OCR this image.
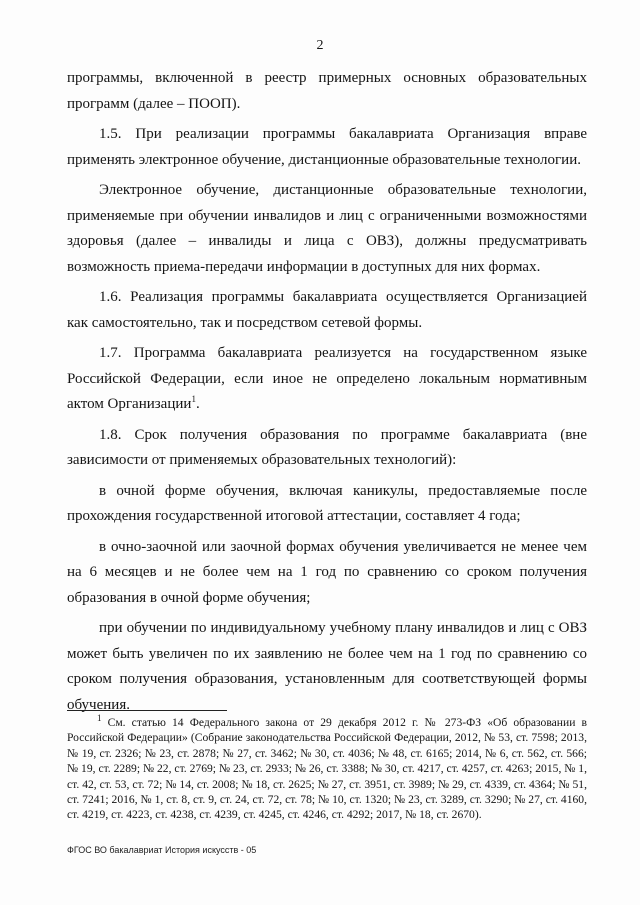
2

программы, включенной в реестр примерных основных образовательных программ (далее – ПООП).

1.5. При реализации программы бакалавриата Организация вправе применять электронное обучение, дистанционные образовательные технологии.

Электронное обучение, дистанционные образовательные технологии, применяемые при обучении инвалидов и лиц с ограниченными возможностями здоровья (далее – инвалиды и лица с ОВЗ), должны предусматривать возможность приема-передачи информации в доступных для них формах.

1.6. Реализация программы бакалавриата осуществляется Организацией как самостоятельно, так и посредством сетевой формы.

1.7. Программа бакалавриата реализуется на государственном языке Российской Федерации, если иное не определено локальным нормативным актом Организации$^1$.

1.8. Срок получения образования по программе бакалавриата (вне зависимости от применяемых образовательных технологий):

в очной форме обучения, включая каникулы, предоставляемые после прохождения государственной итоговой аттестации, составляет 4 года;

в очно-заочной или заочной формах обучения увеличивается не менее чем на 6 месяцев и не более чем на 1 год по сравнению со сроком получения образования в очной форме обучения;

при обучении по индивидуальному учебному плану инвалидов и лиц с ОВЗ может быть увеличен по их заявлению не более чем на 1 год по сравнению со сроком получения образования, установленным для соответствующей формы обучения.

$^1$ См. статью 14 Федерального закона от 29 декабря 2012 г. № 273-ФЗ «Об образовании в Российской Федерации» (Собрание законодательства Российской Федерации, 2012, № 53, ст. 7598; 2013, № 19, ст. 2326; № 23, ст. 2878; № 27, ст. 3462; № 30, ст. 4036; № 48, ст. 6165; 2014, № 6, ст. 562, ст. 566; № 19, ст. 2289; № 22, ст. 2769; № 23, ст. 2933; № 26, ст. 3388; № 30, ст. 4217, ст. 4257, ст. 4263; 2015, № 1, ст. 42, ст. 53, ст. 72; № 14, ст. 2008; № 18, ст. 2625; № 27, ст. 3951, ст. 3989; № 29, ст. 4339, ст. 4364; № 51, ст. 7241; 2016, № 1, ст. 8, ст. 9, ст. 24, ст. 72, ст. 78; № 10, ст. 1320; № 23, ст. 3289, ст. 3290; № 27, ст. 4160, ст. 4219, ст. 4223, ст. 4238, ст. 4239, ст. 4245, ст. 4246, ст. 4292; 2017, № 18, ст. 2670).
ФГОС ВО бакалавриат История искусств - 05
